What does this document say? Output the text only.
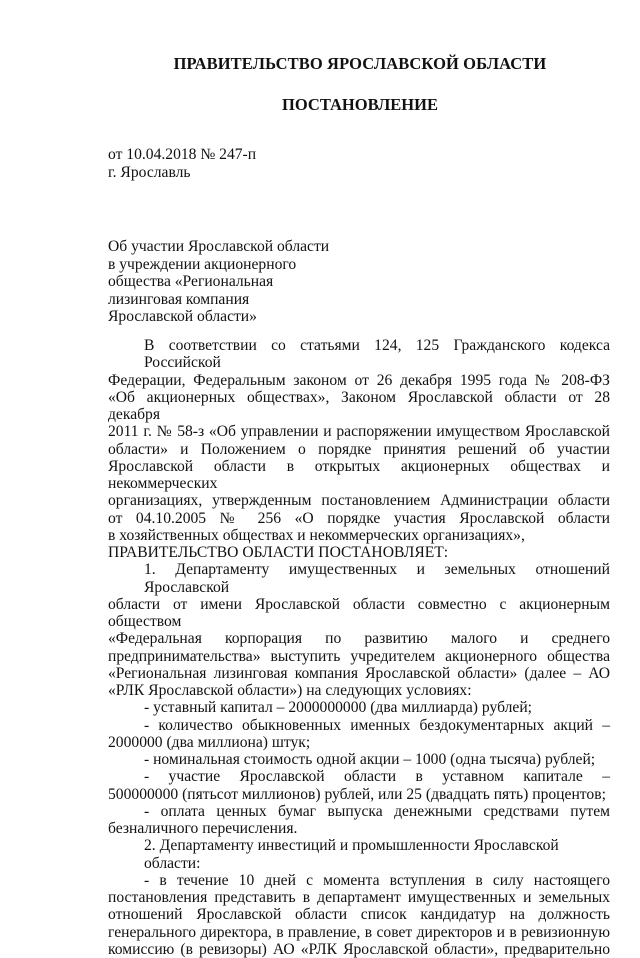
ПРАВИТЕЛЬСТВО ЯРОСЛАВСКОЙ ОБЛАСТИ
ПОСТАНОВЛЕНИЕ
от 10.04.2018 № 247-п
г. Ярославль
Об участии Ярославской области
в учреждении акционерного
общества «Региональная
лизинговая компания
Ярославской области»
В соответствии со статьями 124, 125 Гражданского кодекса Российской
Федерации, Федеральным законом от 26 декабря 1995 года № 208-ФЗ
«Об акционерных обществах», Законом Ярославской области от 28 декабря
2011 г. № 58-з «Об управлении и распоряжении имуществом Ярославской
области» и Положением о порядке принятия решений об участии
Ярославской области в открытых акционерных обществах и некоммерческих
организациях, утвержденным постановлением Администрации области
от 04.10.2005 № 256 «О порядке участия Ярославской области
в хозяйственных обществах и некоммерческих организациях»,
ПРАВИТЕЛЬСТВО ОБЛАСТИ ПОСТАНОВЛЯЕТ:
1. Департаменту имущественных и земельных отношений Ярославской
области от имени Ярославской области совместно с акционерным обществом
«Федеральная корпорация по развитию малого и среднего
предпринимательства» выступить учредителем акционерного общества
«Региональная лизинговая компания Ярославской области» (далее – АО
«РЛК Ярославской области») на следующих условиях:
- уставный капитал – 2000000000 (два миллиарда) рублей;
- количество обыкновенных именных бездокументарных акций –
2000000 (два миллиона) штук;
- номинальная стоимость одной акции – 1000 (одна тысяча) рублей;
- участие Ярославской области в уставном капитале –
500000000 (пятьсот миллионов) рублей, или 25 (двадцать пять) процентов;
- оплата ценных бумаг выпуска денежными средствами путем
безналичного перечисления.
2. Департаменту инвестиций и промышленности Ярославской области:
- в течение 10 дней с момента вступления в силу настоящего
постановления представить в департамент имущественных и земельных
отношений Ярославской области список кандидатур на должность
генерального директора, в правление, в совет директоров и в ревизионную
комиссию (в ревизоры) АО «РЛК Ярославской области», предварительно
